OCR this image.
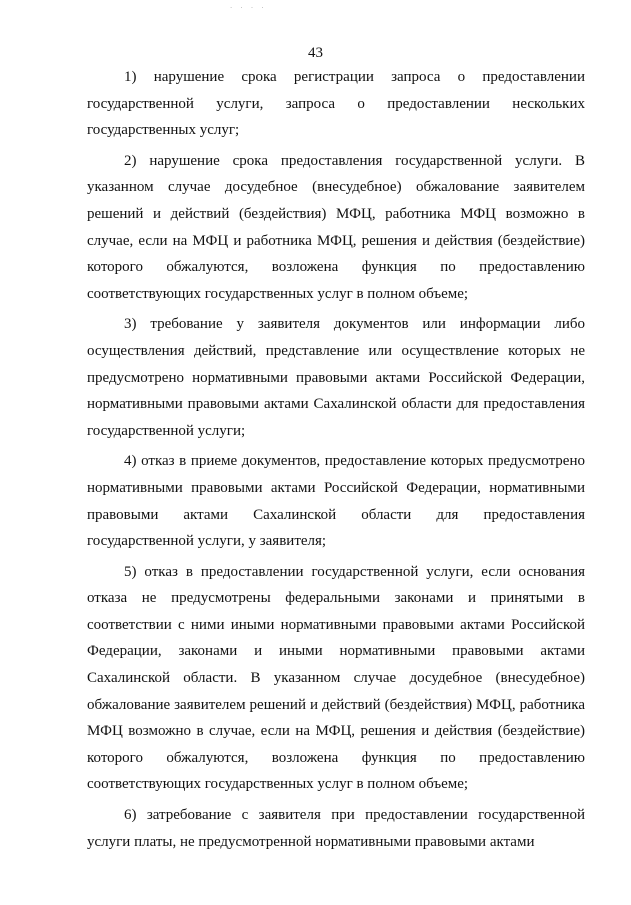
· · · ·
43

1) нарушение срока регистрации запроса о предоставлении государственной услуги, запроса о предоставлении нескольких государственных услуг;

2) нарушение срока предоставления государственной услуги. В указанном случае досудебное (внесудебное) обжалование заявителем решений и действий (бездействия) МФЦ, работника МФЦ возможно в случае, если на МФЦ и работника МФЦ, решения и действия (бездействие) которого обжалуются, возложена функция по предоставлению соответствующих государственных услуг в полном объеме;

3) требование у заявителя документов или информации либо осуществления действий, представление или осуществление которых не предусмотрено нормативными правовыми актами Российской Федерации, нормативными правовыми актами Сахалинской области для предоставления государственной услуги;

4) отказ в приеме документов, предоставление которых предусмотрено нормативными правовыми актами Российской Федерации, нормативными правовыми актами Сахалинской области для предоставления государственной услуги, у заявителя;

5) отказ в предоставлении государственной услуги, если основания отказа не предусмотрены федеральными законами и принятыми в соответствии с ними иными нормативными правовыми актами Российской Федерации, законами и иными нормативными правовыми актами Сахалинской области. В указанном случае досудебное (внесудебное) обжалование заявителем решений и действий (бездействия) МФЦ, работника МФЦ возможно в случае, если на МФЦ, решения и действия (бездействие) которого обжалуются, возложена функция по предоставлению соответствующих государственных услуг в полном объеме;

6) затребование с заявителя при предоставлении государственной услуги платы, не предусмотренной нормативными правовыми актами
